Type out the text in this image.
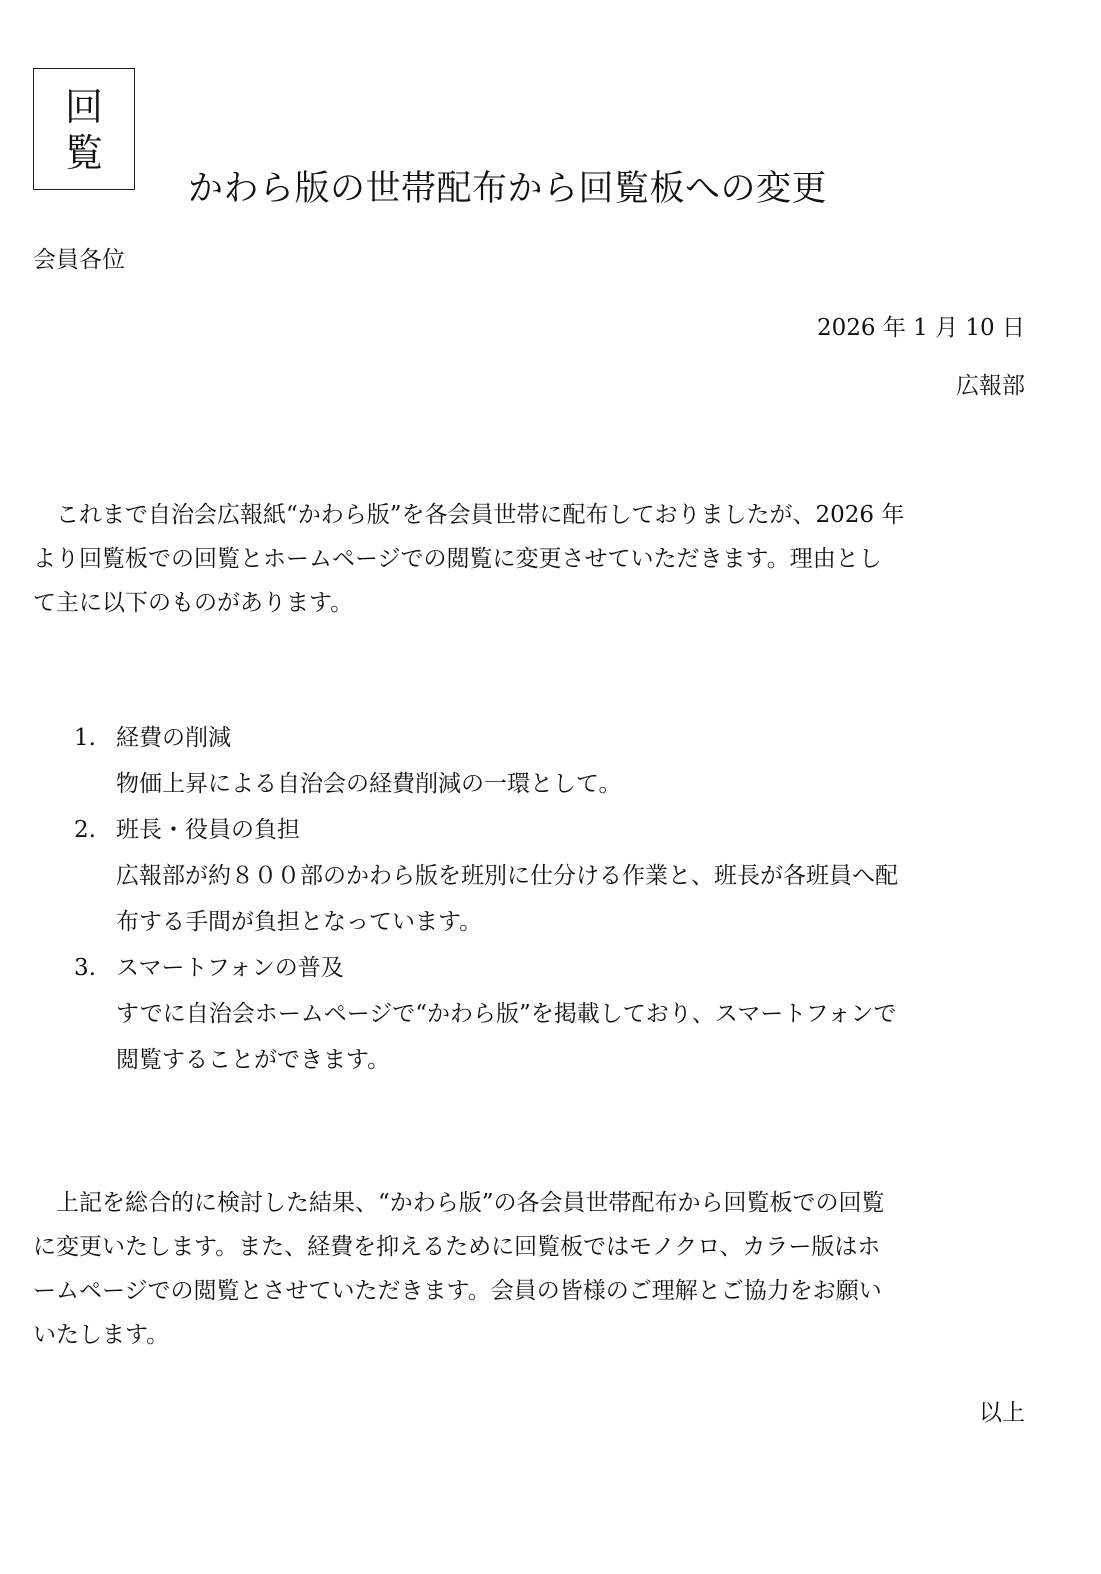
回
覧
かわら版の世帯配布から回覧板への変更
会員各位
2026 年 1 月 10 日
広報部
　これまで自治会広報紙“かわら版”を各会員世帯に配布しておりましたが、2026 年
より回覧板での回覧とホームページでの閲覧に変更させていただきます。理由とし
て主に以下のものがあります。
1. 経費の削減
物価上昇による自治会の経費削減の一環として。
2. 班長・役員の負担
広報部が約８００部のかわら版を班別に仕分ける作業と、班長が各班員へ配
布する手間が負担となっています。
3. スマートフォンの普及
すでに自治会ホームページで“かわら版”を掲載しており、スマートフォンで
閲覧することができます。
　上記を総合的に検討した結果、“かわら版”の各会員世帯配布から回覧板での回覧
に変更いたします。また、経費を抑えるために回覧板ではモノクロ、カラー版はホ
ームページでの閲覧とさせていただきます。会員の皆様のご理解とご協力をお願い
いたします。
以上
